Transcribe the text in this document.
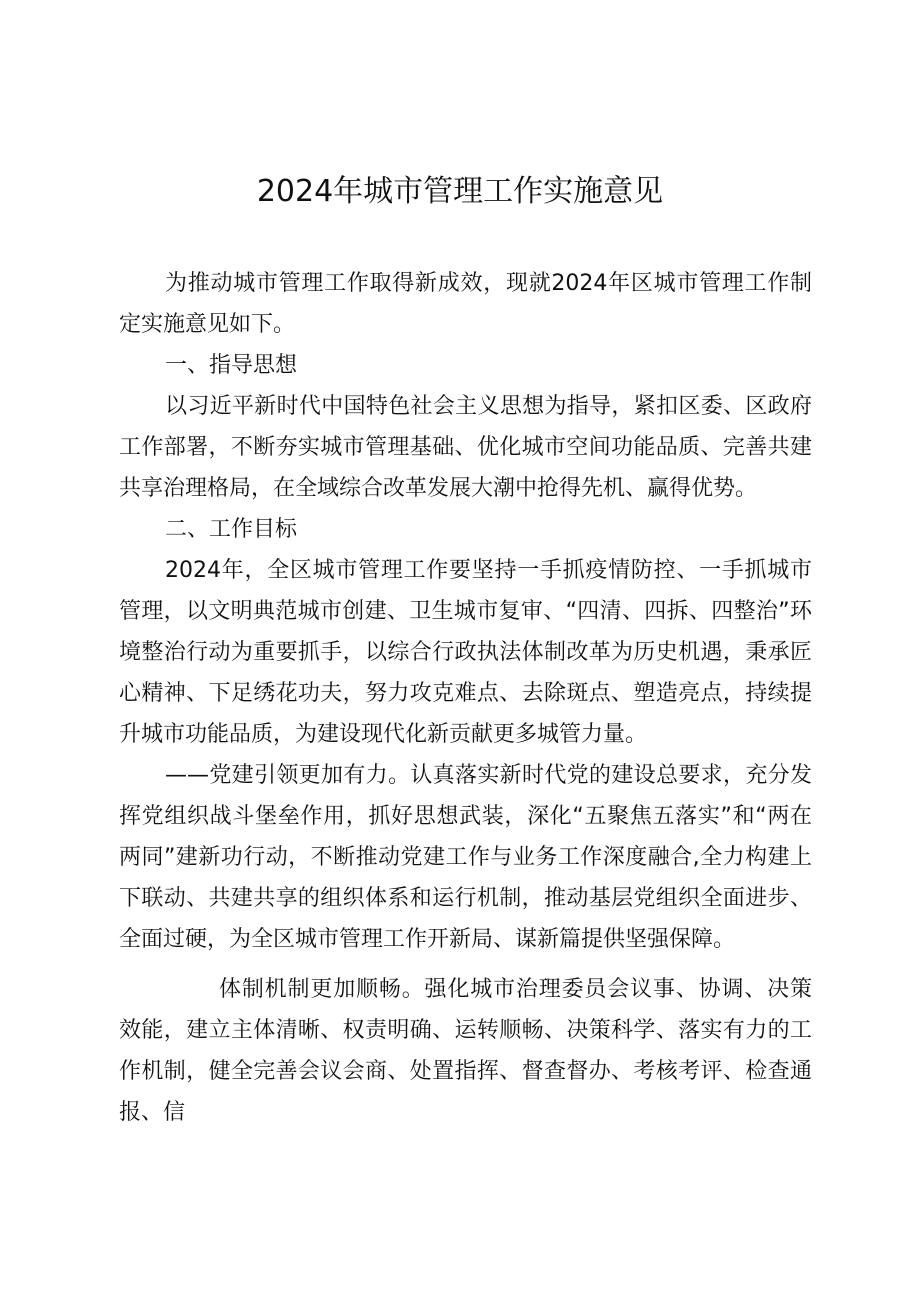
2024年城市管理工作实施意见

为推动城市管理工作取得新成效，现就2024年区城市管理工作制定实施意见如下。

一、指导思想

以习近平新时代中国特色社会主义思想为指导，紧扣区委、区政府工作部署，不断夯实城市管理基础、优化城市空间功能品质、完善共建共享治理格局，在全域综合改革发展大潮中抢得先机、赢得优势。

二、工作目标

2024年，全区城市管理工作要坚持一手抓疫情防控、一手抓城市管理，以文明典范城市创建、卫生城市复审、“四清、四拆、四整治”环境整治行动为重要抓手，以综合行政执法体制改革为历史机遇，秉承匠心精神、下足绣花功夫，努力攻克难点、去除斑点、塑造亮点，持续提升城市功能品质，为建设现代化新贡献更多城管力量。

——党建引领更加有力。认真落实新时代党的建设总要求，充分发挥党组织战斗堡垒作用，抓好思想武装，深化“五聚焦五落实”和“两在两同”建新功行动，不断推动党建工作与业务工作深度融合,全力构建上下联动、共建共享的组织体系和运行机制，推动基层党组织全面进步、全面过硬，为全区城市管理工作开新局、谋新篇提供坚强保障。

体制机制更加顺畅。强化城市治理委员会议事、协调、决策效能，建立主体清晰、权责明确、运转顺畅、决策科学、落实有力的工作机制，健全完善会议会商、处置指挥、督查督办、考核考评、检查通报、信
